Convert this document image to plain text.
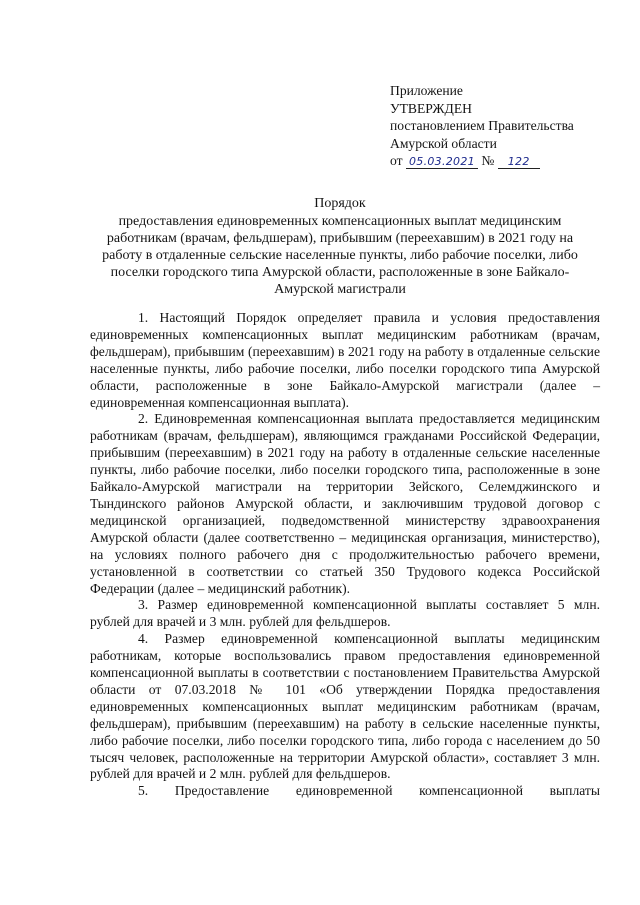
Приложение
УТВЕРЖДЕН
постановлением Правительства
Амурской области
от 05.03.2021 № 122
Порядок
предоставления единовременных компенсационных выплат медицинским
работникам (врачам, фельдшерам), прибывшим (переехавшим) в 2021 году на
работу в отдаленные сельские населенные пункты, либо рабочие поселки, либо
поселки городского типа Амурской области, расположенные в зоне Байкало-
Амурской магистрали

1. Настоящий Порядок определяет правила и условия предоставления единовременных компенсационных выплат медицинским работникам (врачам, фельдшерам), прибывшим (переехавшим) в 2021 году на работу в отдаленные сельские населенные пункты, либо рабочие поселки, либо поселки городского типа Амурской области, расположенные в зоне Байкало-Амурской магистрали (далее – единовременная компенсационная выплата).

2. Единовременная компенсационная выплата предоставляется медицинским работникам (врачам, фельдшерам), являющимся гражданами Российской Федерации, прибывшим (переехавшим) в 2021 году на работу в отдаленные сельские населенные пункты, либо рабочие поселки, либо поселки городского типа, расположенные в зоне Байкало-Амурской магистрали на территории Зейского, Селемджинского и Тындинского районов Амурской области, и заключившим трудовой договор с медицинской организацией, подведомственной министерству здравоохранения Амурской области (далее соответственно – медицинская организация, министерство), на условиях полного рабочего дня с продолжительностью рабочего времени, установленной в соответствии со статьей 350 Трудового кодекса Российской Федерации (далее – медицинский работник).

3. Размер единовременной компенсационной выплаты составляет 5 млн. рублей для врачей и 3 млн. рублей для фельдшеров.

4. Размер единовременной компенсационной выплаты медицинским работникам, которые воспользовались правом предоставления единовременной компенсационной выплаты в соответствии с постановлением Правительства Амурской области от 07.03.2018 № 101 «Об утверждении Порядка предоставления единовременных компенсационных выплат медицинским работникам (врачам, фельдшерам), прибывшим (переехавшим) на работу в сельские населенные пункты, либо рабочие поселки, либо поселки городского типа, либо города с населением до 50 тысяч человек, расположенные на территории Амурской области», составляет 3 млн. рублей для врачей и 2 млн. рублей для фельдшеров.

5. Предоставление единовременной компенсационной выплаты
